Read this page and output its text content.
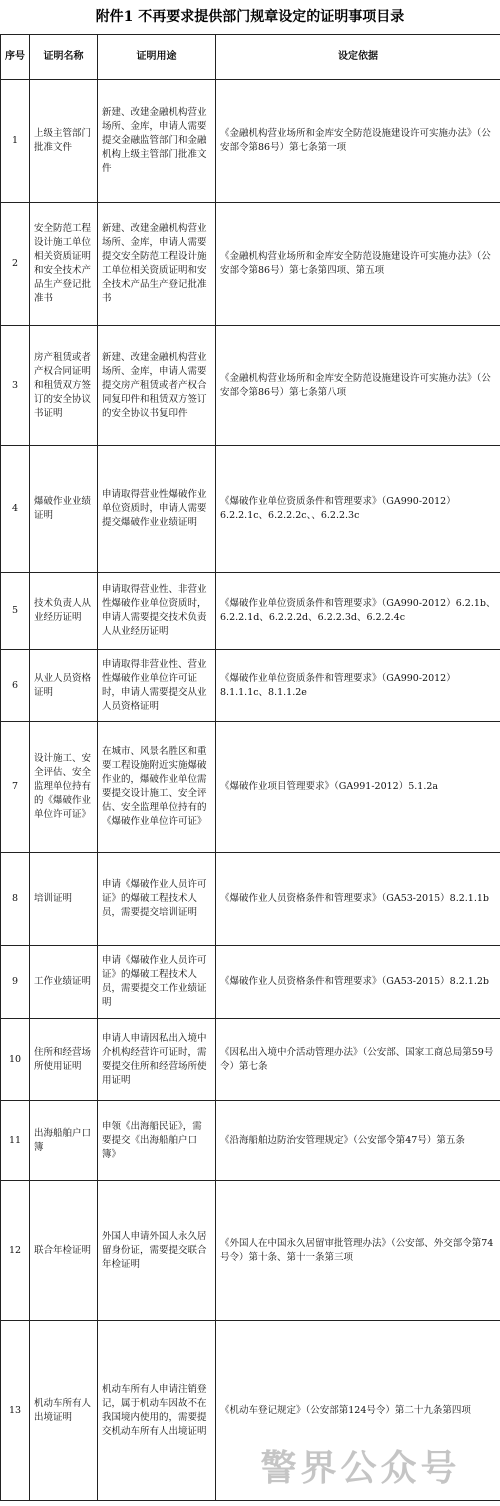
附件1 不再要求提供部门规章设定的证明事项目录
序号	证明名称	证明用途	设定依据
1	上级主管部门批准文件	新建、改建金融机构营业场所、金库，申请人需要提交金融监管部门和金融机构上级主管部门批准文件	《金融机构营业场所和金库安全防范设施建设许可实施办法》（公安部令第86号）第七条第一项
2	安全防范工程设计施工单位相关资质证明和安全技术产品生产登记批准书	新建、改建金融机构营业场所、金库，申请人需要提交安全防范工程设计施工单位相关资质证明和安全技术产品生产登记批准书	《金融机构营业场所和金库安全防范设施建设许可实施办法》（公安部令第86号）第七条第四项、第五项
3	房产租赁或者产权合同证明和租赁双方签订的安全协议书证明	新建、改建金融机构营业场所、金库，申请人需要提交房产租赁或者产权合同复印件和租赁双方签订的安全协议书复印件	《金融机构营业场所和金库安全防范设施建设许可实施办法》（公安部令第86号）第七条第八项
4	爆破作业业绩证明	申请取得营业性爆破作业单位资质时，申请人需要提交爆破作业业绩证明	《爆破作业单位资质条件和管理要求》（GA990-2012）6.2.2.1c、6.2.2.2c、、6.2.2.3c
5	技术负责人从业经历证明	申请取得营业性、非营业性爆破作业单位资质时，申请人需要提交技术负责人从业经历证明	《爆破作业单位资质条件和管理要求》（GA990-2012）6.2.1b、6.2.2.1d、6.2.2.2d、6.2.2.3d、6.2.2.4c
6	从业人员资格证明	申请取得非营业性、营业性爆破作业单位许可证时，申请人需要提交从业人员资格证明	《爆破作业单位资质条件和管理要求》（GA990-2012）8.1.1.1c、8.1.1.2e
7	设计施工、安全评估、安全监理单位持有的《爆破作业单位许可证》	在城市、风景名胜区和重要工程设施附近实施爆破作业的，爆破作业单位需要提交设计施工、安全评估、安全监理单位持有的《爆破作业单位许可证》	《爆破作业项目管理要求》（GA991-2012）5.1.2a
8	培训证明	申请《爆破作业人员许可证》的爆破工程技术人员，需要提交培训证明	《爆破作业人员资格条件和管理要求》（GA53-2015）8.2.1.1b
9	工作业绩证明	申请《爆破作业人员许可证》的爆破工程技术人员，需要提交工作业绩证明	《爆破作业人员资格条件和管理要求》（GA53-2015）8.2.1.2b
10	住所和经营场所使用证明	申请人申请因私出入境中介机构经营许可证时，需要提交住所和经营场所使用证明	《因私出入境中介活动管理办法》（公安部、国家工商总局第59号令）第七条
11	出海船舶户口簿	申领《出海船民证》，需要提交《出海船舶户口簿》	《沿海船舶边防治安管理规定》（公安部令第47号）第五条
12	联合年检证明	外国人申请外国人永久居留身份证，需要提交联合年检证明	《外国人在中国永久居留审批管理办法》（公安部、外交部令第74号令）第十条、第十一条第三项
13	机动车所有人出境证明	机动车所有人申请注销登记，属于机动车因故不在我国境内使用的，需要提交机动车所有人出境证明	《机动车登记规定》（公安部第124号令）第二十九条第四项
警界公众号
